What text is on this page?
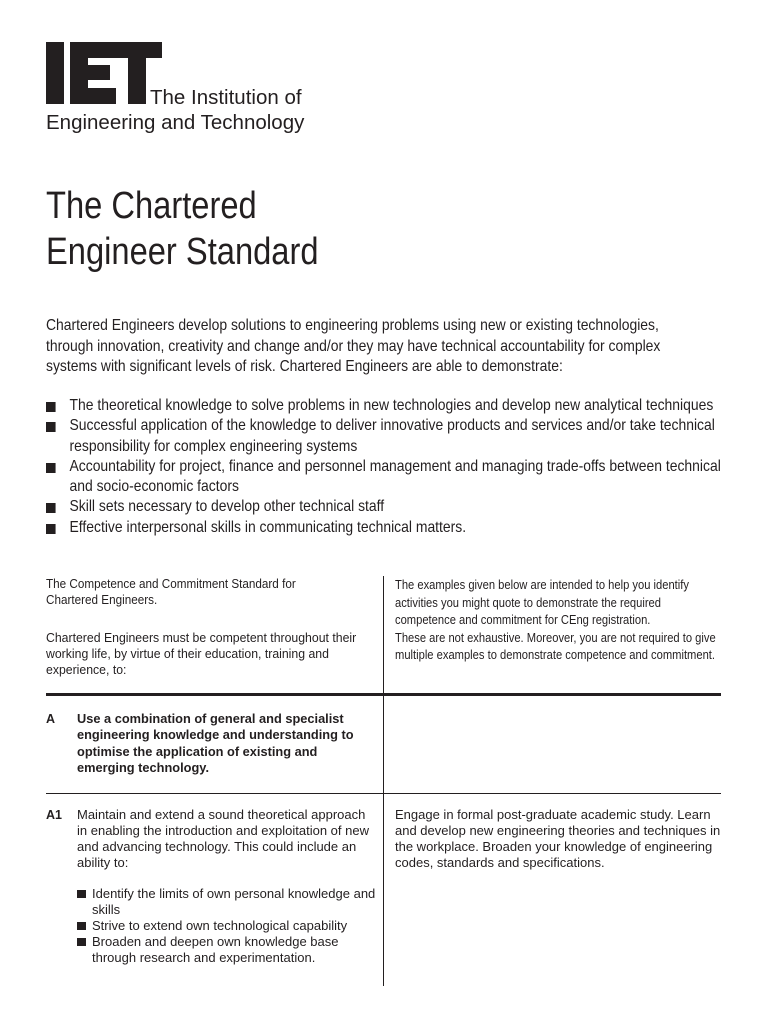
The Institution of
Engineering and Technology
The Chartered
Engineer Standard

Chartered Engineers develop solutions to engineering problems using new or existing technologies, through innovation, creativity and change and/or they may have technical accountability for complex systems with significant levels of risk. Chartered Engineers are able to demonstrate:

The theoretical knowledge to solve problems in new technologies and develop new analytical techniques
Successful application of the knowledge to deliver innovative products and services and/or take technical responsibility for complex engineering systems
Accountability for project, finance and personnel management and managing trade-offs between technical and socio-economic factors
Skill sets necessary to develop other technical staff
Effective interpersonal skills in communicating technical matters.
The Competence and Commitment Standard for Chartered Engineers.
Chartered Engineers must be competent throughout their working life, by virtue of their education, training and experience, to:
The examples given below are intended to help you identify activities you might quote to demonstrate the required competence and commitment for CEng registration.
These are not exhaustive. Moreover, you are not required to give multiple examples to demonstrate competence and commitment.
A Use a combination of general and specialist engineering knowledge and understanding to optimise the application of existing and emerging technology.
A1 Maintain and extend a sound theoretical approach in enabling the introduction and exploitation of new and advancing technology. This could include an ability to:
Identify the limits of own personal knowledge and skills
Strive to extend own technological capability
Broaden and deepen own knowledge base through research and experimentation.
Engage in formal post-graduate academic study. Learn and develop new engineering theories and techniques in the workplace. Broaden your knowledge of engineering codes, standards and specifications.
